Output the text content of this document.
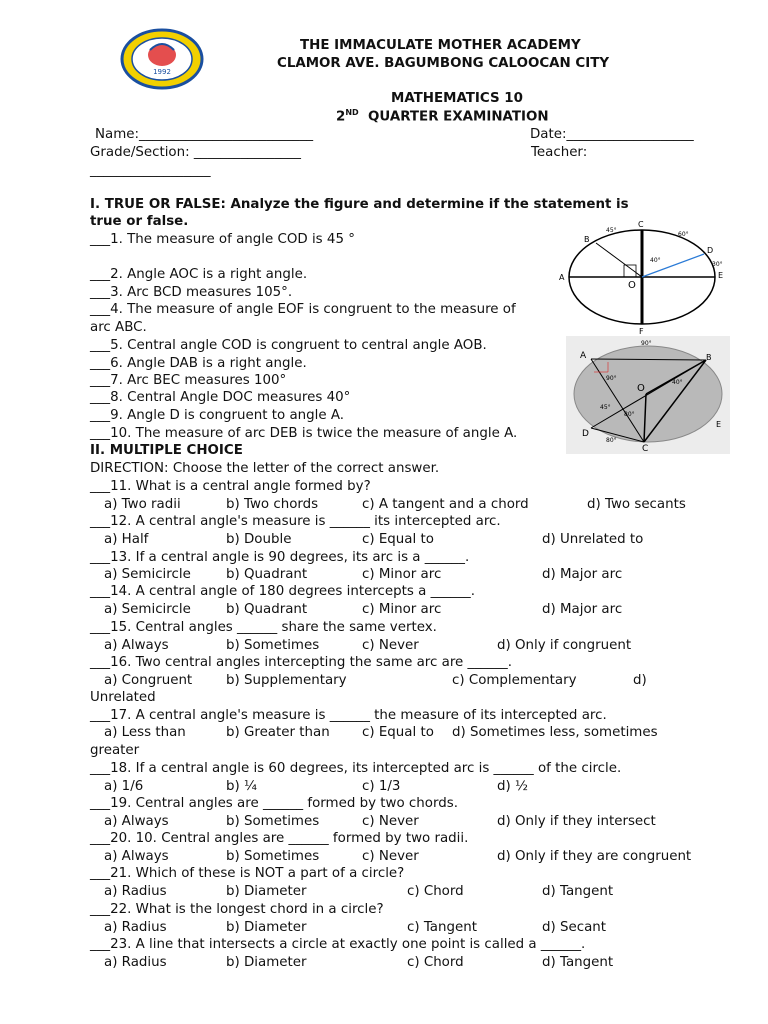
1992
THE IMMACULATE MOTHER ACADEMY
CLAMOR AVE. BAGUMBONG CALOOCAN CITY
MATHEMATICS 10
2ND QUARTER EXAMINATION
Name:__________________________	Date:___________________
Grade/Section: ________________	Teacher:
__________________
I. TRUE OR FALSE: Analyze the figure and determine if the statement is
true or false.
___1. The measure of angle COD is 45 °
___2. Angle AOC is a right angle.
___3. Arc BCD measures 105°.
___4. The measure of angle EOF is congruent to the measure of
arc ABC.
___5. Central angle COD is congruent to central angle AOB.
___6. Angle DAB is a right angle.
___7. Arc BEC measures 100°
___8. Central Angle DOC measures 40°
___9. Angle D is congruent to angle A.
___10. The measure of arc DEB is twice the measure of angle A.
C
B
D
A	E
O
F
45°
60°
40°
30°
90°
A	B
O
90°
40°
45°
80°
80°
D
C
E
II. MULTIPLE CHOICE
DIRECTION: Choose the letter of the correct answer.
___11. What is a central angle formed by?
a) Two radii	b) Two chords	c) A tangent and a chord	d) Two secants
___12. A central angle's measure is ______ its intercepted arc.
a) Half	b) Double	c) Equal to	d) Unrelated to
___13. If a central angle is 90 degrees, its arc is a ______.
a) Semicircle	b) Quadrant	c) Minor arc	d) Major arc
___14. A central angle of 180 degrees intercepts a ______.
a) Semicircle	b) Quadrant	c) Minor arc	d) Major arc
___15. Central angles ______ share the same vertex.
a) Always	b) Sometimes	c) Never	d) Only if congruent
___16. Two central angles intercepting the same arc are ______.
a) Congruent	b) Supplementary	c) Complementary	d)
Unrelated
___17. A central angle's measure is ______ the measure of its intercepted arc.
a) Less than	b) Greater than c) Equal to d) Sometimes less, sometimes
greater
___18. If a central angle is 60 degrees, its intercepted arc is ______ of the circle.
a) 1/6	b) ¼	c) 1/3	d) ½
___19. Central angles are ______ formed by two chords.
a) Always	b) Sometimes	c) Never	d) Only if they intersect
___20. 10. Central angles are ______ formed by two radii.
a) Always	b) Sometimes	c) Never	d) Only if they are congruent
___21. Which of these is NOT a part of a circle?
a) Radius	b) Diameter	c) Chord	d) Tangent
___22. What is the longest chord in a circle?
a) Radius	b) Diameter	c) Tangent	d) Secant
___23. A line that intersects a circle at exactly one point is called a ______.
a) Radius	b) Diameter	c) Chord	d) Tangent
